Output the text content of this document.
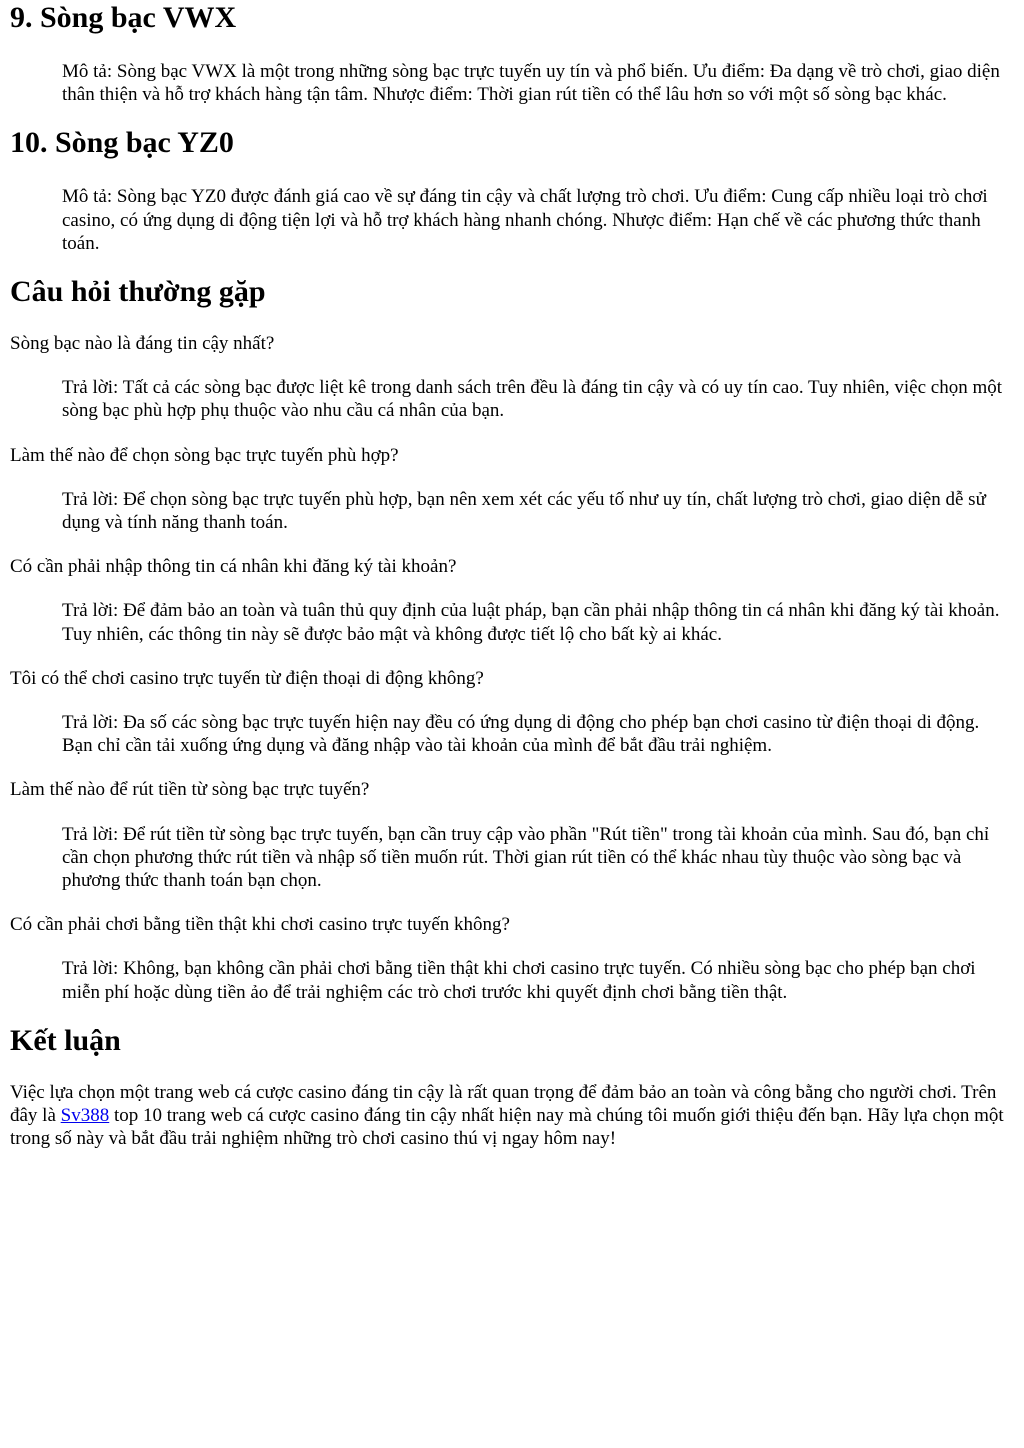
9. Sòng bạc VWX
Mô tả: Sòng bạc VWX là một trong những sòng bạc trực tuyến uy tín và phổ biến. Ưu điểm: Đa dạng về trò chơi, giao diện thân thiện và hỗ trợ khách hàng tận tâm. Nhược điểm: Thời gian rút tiền có thể lâu hơn so với một số sòng bạc khác.
10. Sòng bạc YZ0
Mô tả: Sòng bạc YZ0 được đánh giá cao về sự đáng tin cậy và chất lượng trò chơi. Ưu điểm: Cung cấp nhiều loại trò chơi casino, có ứng dụng di động tiện lợi và hỗ trợ khách hàng nhanh chóng. Nhược điểm: Hạn chế về các phương thức thanh toán.
Câu hỏi thường gặp

Sòng bạc nào là đáng tin cậy nhất?

Trả lời: Tất cả các sòng bạc được liệt kê trong danh sách trên đều là đáng tin cậy và có uy tín cao. Tuy nhiên, việc chọn một sòng bạc phù hợp phụ thuộc vào nhu cầu cá nhân của bạn.

Làm thế nào để chọn sòng bạc trực tuyến phù hợp?

Trả lời: Để chọn sòng bạc trực tuyến phù hợp, bạn nên xem xét các yếu tố như uy tín, chất lượng trò chơi, giao diện dễ sử dụng và tính năng thanh toán.

Có cần phải nhập thông tin cá nhân khi đăng ký tài khoản?

Trả lời: Để đảm bảo an toàn và tuân thủ quy định của luật pháp, bạn cần phải nhập thông tin cá nhân khi đăng ký tài khoản. Tuy nhiên, các thông tin này sẽ được bảo mật và không được tiết lộ cho bất kỳ ai khác.

Tôi có thể chơi casino trực tuyến từ điện thoại di động không?

Trả lời: Đa số các sòng bạc trực tuyến hiện nay đều có ứng dụng di động cho phép bạn chơi casino từ điện thoại di động. Bạn chỉ cần tải xuống ứng dụng và đăng nhập vào tài khoản của mình để bắt đầu trải nghiệm.

Làm thế nào để rút tiền từ sòng bạc trực tuyến?

Trả lời: Để rút tiền từ sòng bạc trực tuyến, bạn cần truy cập vào phần "Rút tiền" trong tài khoản của mình. Sau đó, bạn chỉ cần chọn phương thức rút tiền và nhập số tiền muốn rút. Thời gian rút tiền có thể khác nhau tùy thuộc vào sòng bạc và phương thức thanh toán bạn chọn.

Có cần phải chơi bằng tiền thật khi chơi casino trực tuyến không?

Trả lời: Không, bạn không cần phải chơi bằng tiền thật khi chơi casino trực tuyến. Có nhiều sòng bạc cho phép bạn chơi miễn phí hoặc dùng tiền ảo để trải nghiệm các trò chơi trước khi quyết định chơi bằng tiền thật.
Kết luận

Việc lựa chọn một trang web cá cược casino đáng tin cậy là rất quan trọng để đảm bảo an toàn và công bằng cho người chơi. Trên đây là Sv388 top 10 trang web cá cược casino đáng tin cậy nhất hiện nay mà chúng tôi muốn giới thiệu đến bạn. Hãy lựa chọn một trong số này và bắt đầu trải nghiệm những trò chơi casino thú vị ngay hôm nay!
